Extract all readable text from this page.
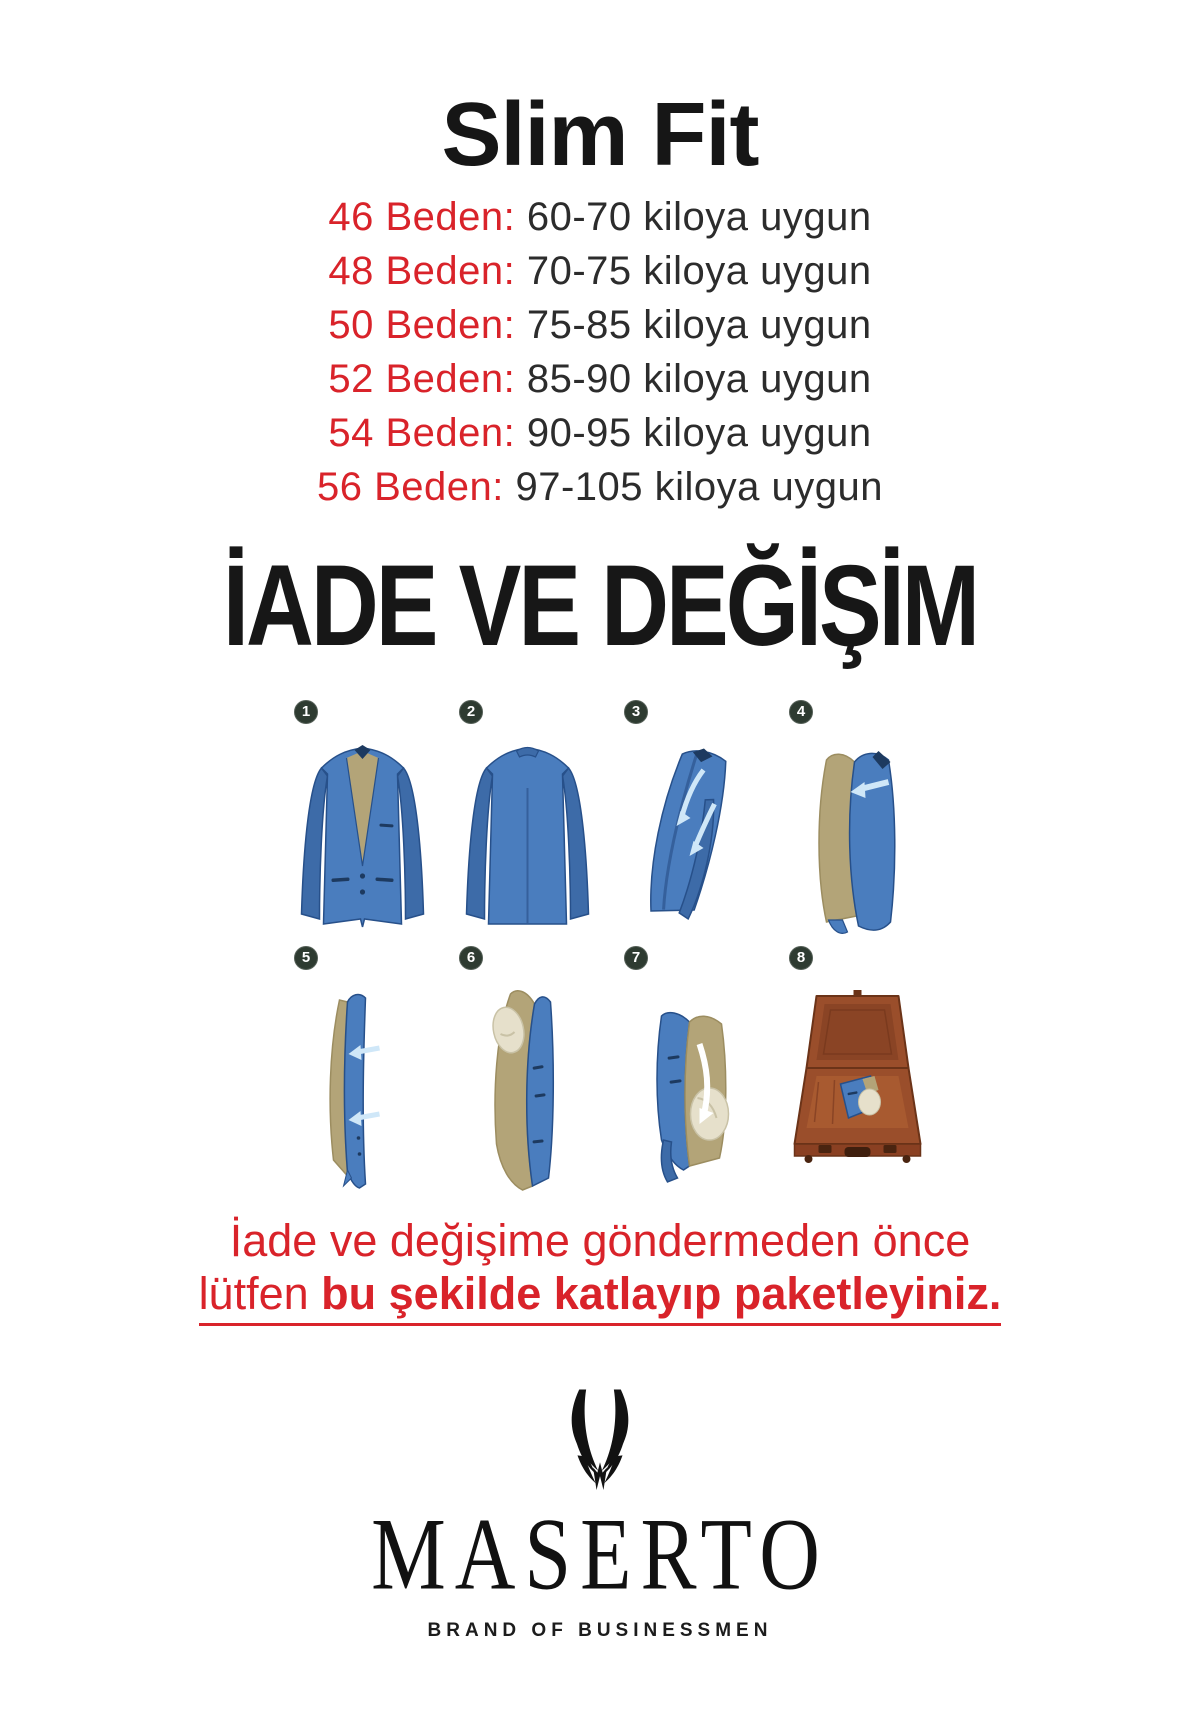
Slim Fit
46 Beden: 60-70 kiloya uygun
48 Beden: 70-75 kiloya uygun
50 Beden: 75-85 kiloya uygun
52 Beden: 85-90 kiloya uygun
54 Beden: 90-95 kiloya uygun
56 Beden: 97-105 kiloya uygun
İADE VE DEĞİŞİM
1	2	3	4
5	6	7	8
İade ve değişime göndermeden önce
lütfen bu şekilde katlayıp paketleyiniz.
MASERTO
BRAND OF BUSINESSMEN
